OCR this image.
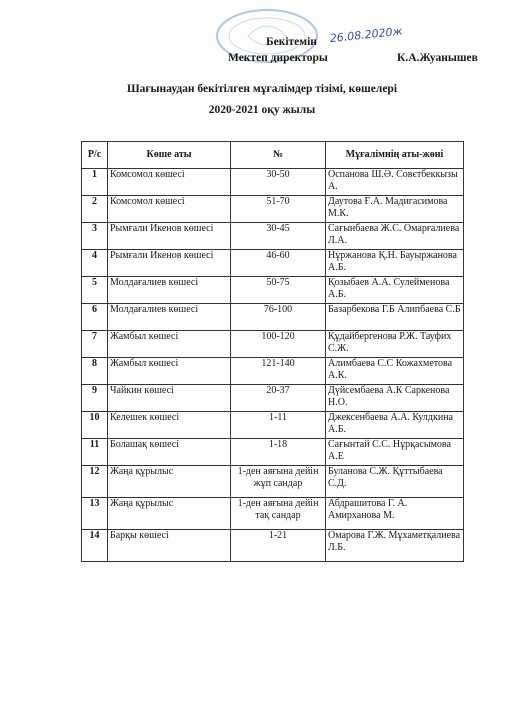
26.08.2020ж
Бекітемін
Мектеп директоры	К.А.Жуанышев
Шағынаудан бекітілген мұғалімдер тізімі, көшелері
2020-2021 оқу жылы
Р/с	Көше аты	№	Мұғалімнің аты-жөні
1	Комсомол көшесі	30-50	Оспанова Ш.Ә. Совєтбеккызы А.
2	Комсомол көшесі	51-70	Даутова Ғ.А. Мадигасимова М.К.
3	Рымғали Икенов көшесі	30-45	Сағынбаева Ж.С. Омарғалиева Л.А.
4	Рымғали Икенов көшесі	46-60	Нұржанова Қ.Н. Бауыржанова А.Б.
5	Молдағалиев көшесі	50-75	Қозыбаев А.А. Сулейменова А.Б.
6	Молдағалиев көшесі	76-100	Базарбекова Г.Б Алипбаева С.Б
7	Жамбыл көшесі	100-120	Құдайбергенова Р.Ж. Тауфих С.Ж.
8	Жамбыл көшесі	121-140	Алимбаева С.С Кожахметова А.К.
9	Чайкин көшесі	20-37	Дүйсембаева А.К Саркенова Н.О.
10	Келешек көшесі	1-11	Джексенбаева А.А. Кулдкина А.Б.
11	Болашақ көшесі	1-18	Сағынтай С.С. Нұрқасымова А.Е
12	Жаңа құрылыс	1-ден аяғына дейін жұп сандар	Буланова С.Ж. Құттыбаева С.Д.
13	Жаңа құрылыс	1-ден аяғына дейін тақ сандар	Абдрашитова Г. А. Амирханова М.
14	Барқы көшесі	1-21	Омарова Г.Ж. Мұхаметқалиева Л.Б.
